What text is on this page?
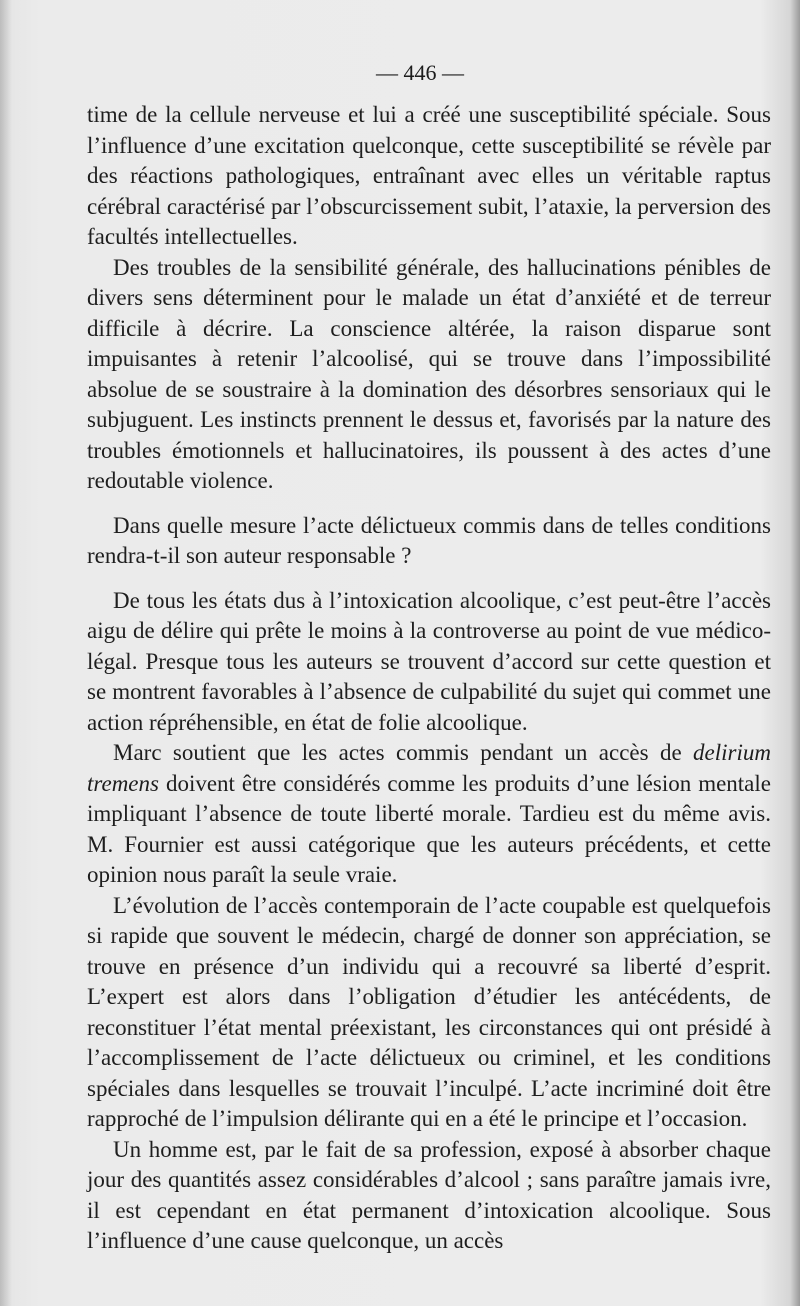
— 446 —

time de la cellule nerveuse et lui a créé une susceptibilité spéciale. Sous l’influence d’une excitation quelconque, cette susceptibilité se révèle par des réactions pathologiques, entraînant avec elles un véritable raptus cérébral caractérisé par l’obscurcissement subit, l’ataxie, la perversion des facultés intellectuelles.

Des troubles de la sensibilité générale, des hallucinations pénibles de divers sens déterminent pour le malade un état d’anxiété et de terreur difficile à décrire. La conscience altérée, la raison disparue sont impuisantes à retenir l’alcoolisé, qui se trouve dans l’impossibilité absolue de se soustraire à la domination des désorbres sensoriaux qui le subjuguent. Les instincts prennent le dessus et, favorisés par la nature des troubles émotionnels et hallucinatoires, ils poussent à des actes d’une redoutable violence.

Dans quelle mesure l’acte délictueux commis dans de telles conditions rendra-t-il son auteur responsable ?

De tous les états dus à l’intoxication alcoolique, c’est peut-être l’accès aigu de délire qui prête le moins à la controverse au point de vue médico-légal. Presque tous les auteurs se trouvent d’accord sur cette question et se montrent favorables à l’absence de culpabilité du sujet qui commet une action répréhensible, en état de folie alcoolique.

Marc soutient que les actes commis pendant un accès de delirium tremens doivent être considérés comme les produits d’une lésion mentale impliquant l’absence de toute liberté morale. Tardieu est du même avis. M. Fournier est aussi catégorique que les auteurs précédents, et cette opinion nous paraît la seule vraie.

L’évolution de l’accès contemporain de l’acte coupable est quelquefois si rapide que souvent le médecin, chargé de donner son appréciation, se trouve en présence d’un individu qui a recouvré sa liberté d’esprit. L’expert est alors dans l’obligation d’étudier les antécédents, de reconstituer l’état mental préexistant, les circonstances qui ont présidé à l’accomplissement de l’acte délictueux ou criminel, et les conditions spéciales dans lesquelles se trouvait l’inculpé. L’acte incriminé doit être rapproché de l’impulsion délirante qui en a été le principe et l’occasion.

Un homme est, par le fait de sa profession, exposé à absorber chaque jour des quantités assez considérables d’alcool ; sans paraître jamais ivre, il est cependant en état permanent d’intoxication alcoolique. Sous l’influence d’une cause quelconque, un accès
